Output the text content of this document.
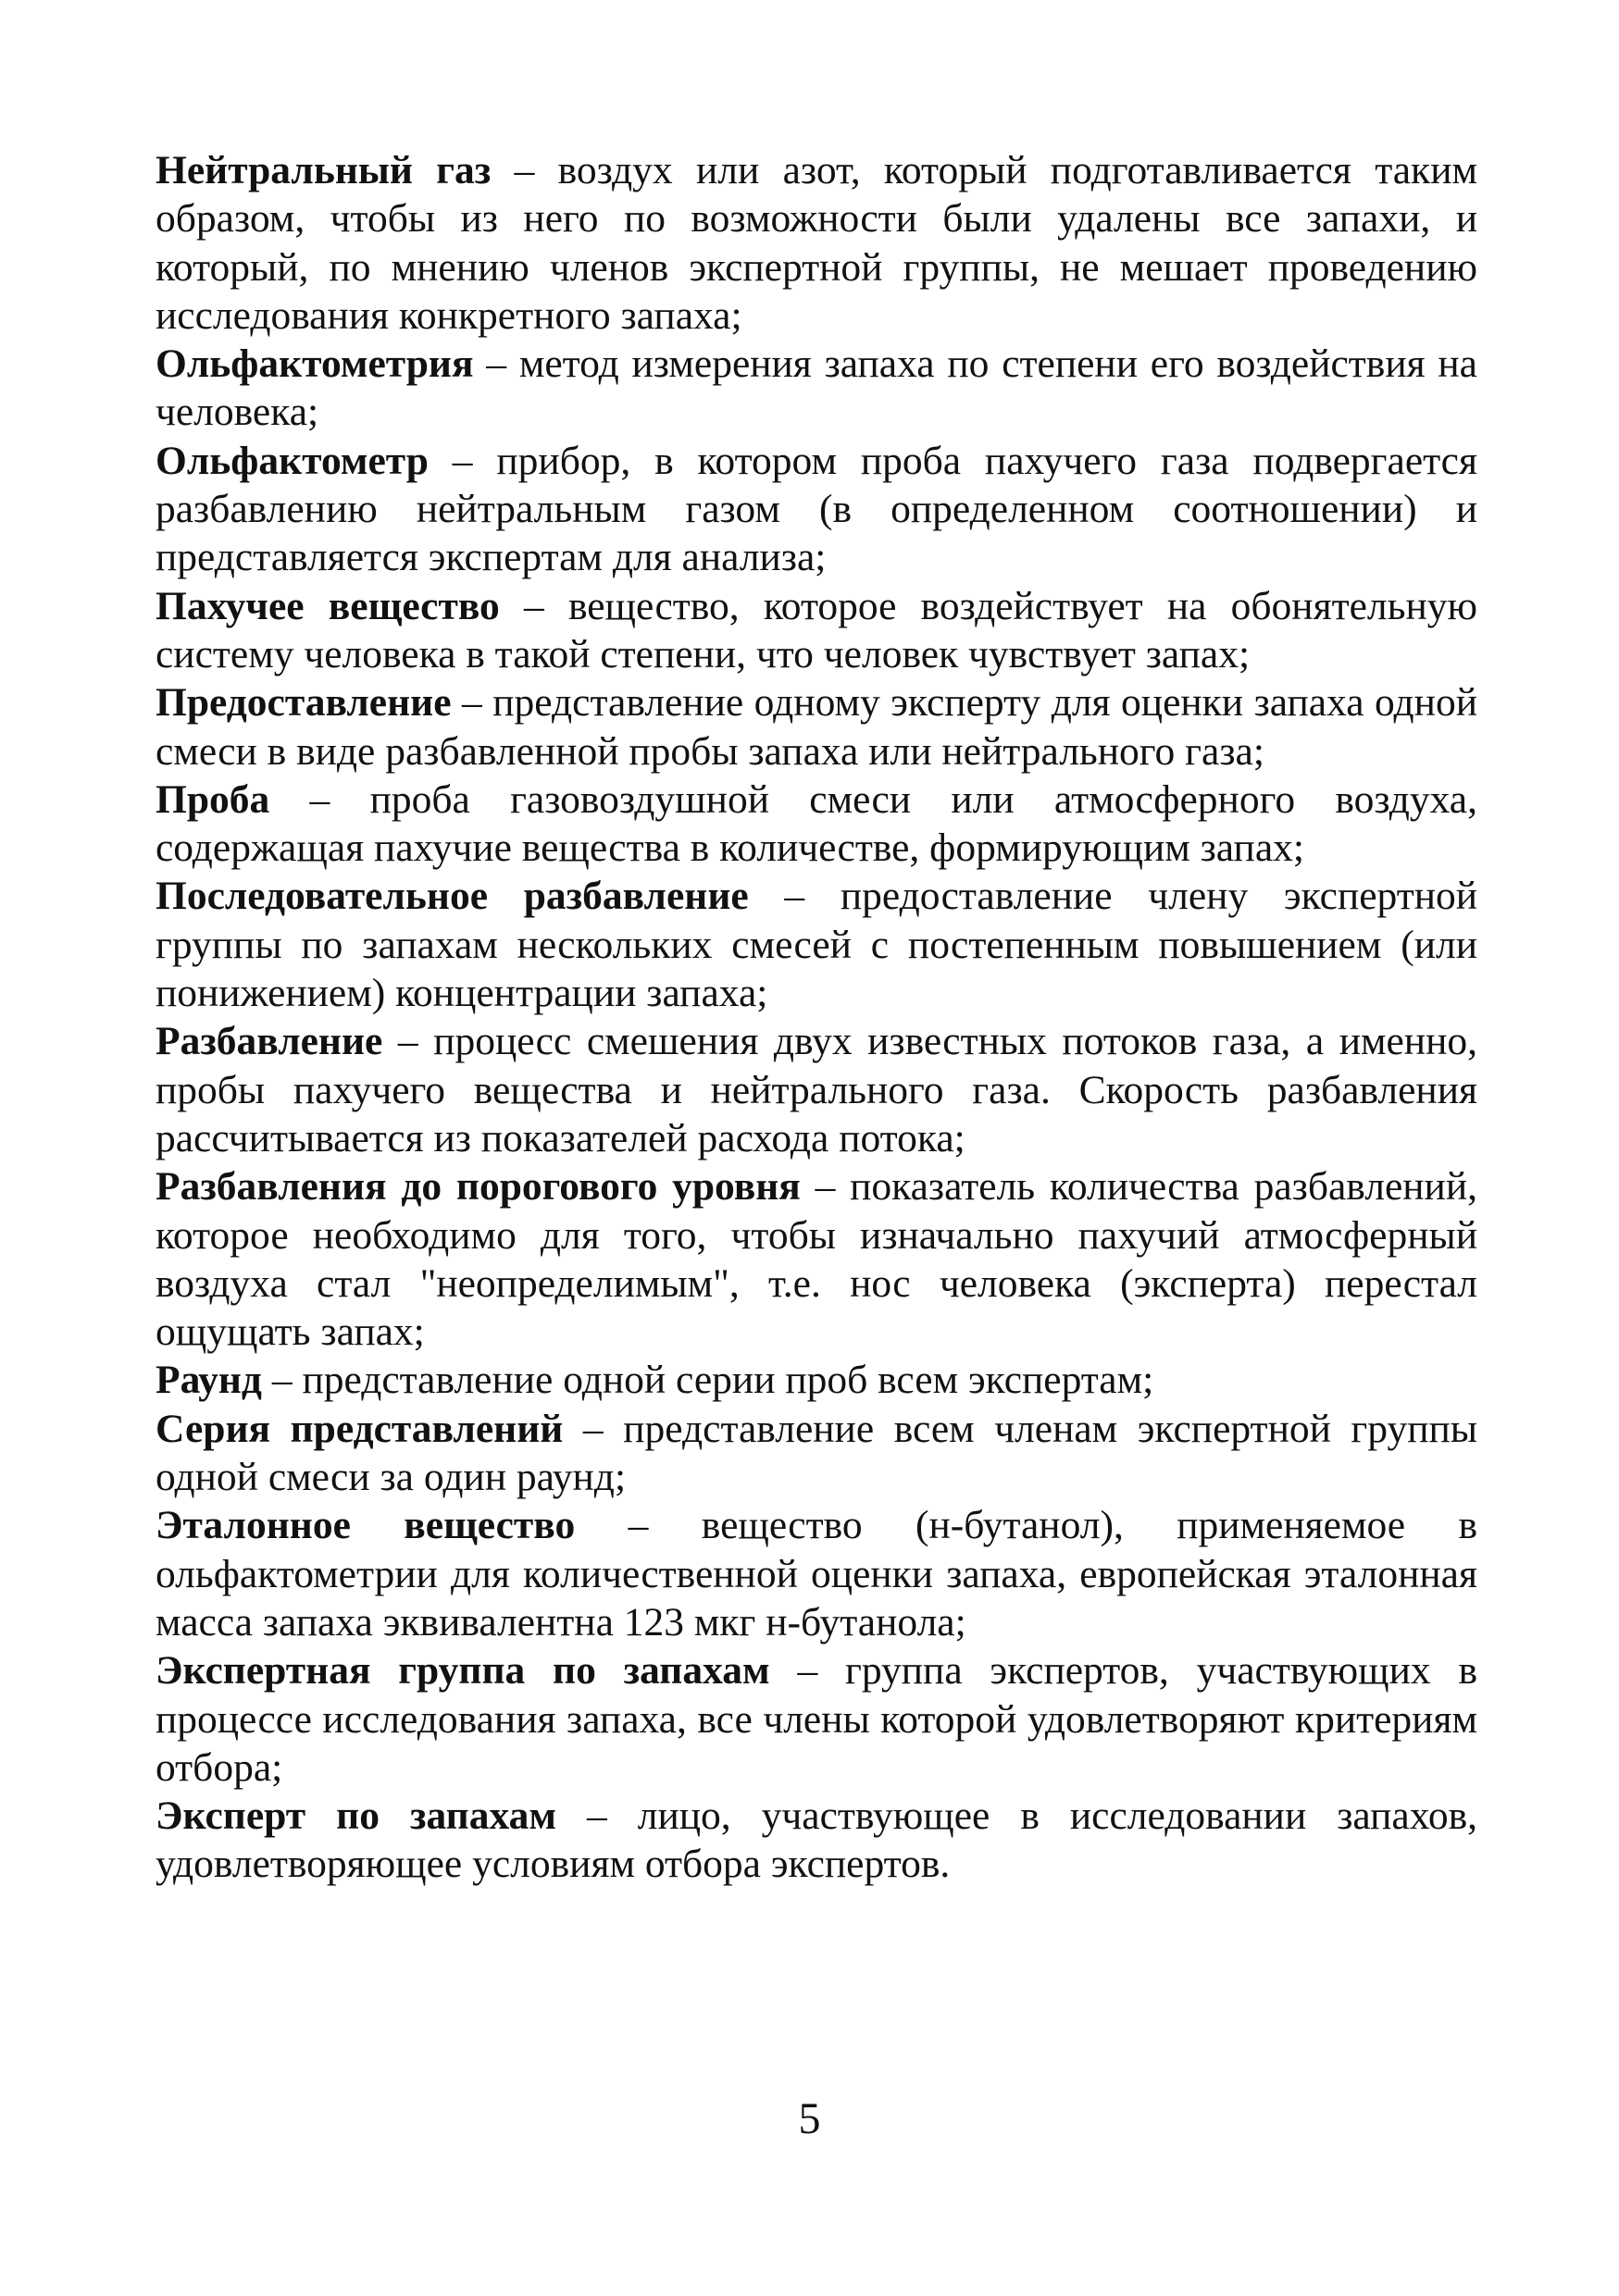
Нейтральный газ – воздух или азот, который подготавливается таким образом, чтобы из него по возможности были удалены все запахи, и который, по мнению членов экспертной группы, не мешает проведению исследования конкретного запаха;

Ольфактометрия – метод измерения запаха по степени его воздействия на человека;

Ольфактометр – прибор, в котором проба пахучего газа подвергается разбавлению нейтральным газом (в определенном соотношении) и представляется экспертам для анализа;

Пахучее вещество – вещество, которое воздействует на обонятельную систему человека в такой степени, что человек чувствует запах;

Предоставление – представление одному эксперту для оценки запаха одной смеси в виде разбавленной пробы запаха или нейтрального газа;

Проба – проба газовоздушной смеси или атмосферного воздуха, содержащая пахучие вещества в количестве, формирующим запах;

Последовательное разбавление – предоставление члену экспертной группы по запахам нескольких смесей с постепенным повышением (или понижением) концентрации запаха;

Разбавление – процесс смешения двух известных потоков газа, а именно, пробы пахучего вещества и нейтрального газа. Скорость разбавления рассчитывается из показателей расхода потока;

Разбавления до порогового уровня – показатель количества разбавлений, которое необходимо для того, чтобы изначально пахучий атмосферный воздуха стал "неопределимым", т.е. нос человека (эксперта) перестал ощущать запах;

Раунд – представление одной серии проб всем экспертам;

Серия представлений – представление всем членам экспертной группы одной смеси за один раунд;

Эталонное вещество – вещество (н-бутанол), применяемое в ольфактометрии для количественной оценки запаха, европейская эталонная масса запаха эквивалентна 123 мкг н-бутанола;

Экспертная группа по запахам – группа экспертов, участвующих в процессе исследования запаха, все члены которой удовлетворяют критериям отбора;

Эксперт по запахам – лицо, участвующее в исследовании запахов, удовлетворяющее условиям отбора экспертов.

5
